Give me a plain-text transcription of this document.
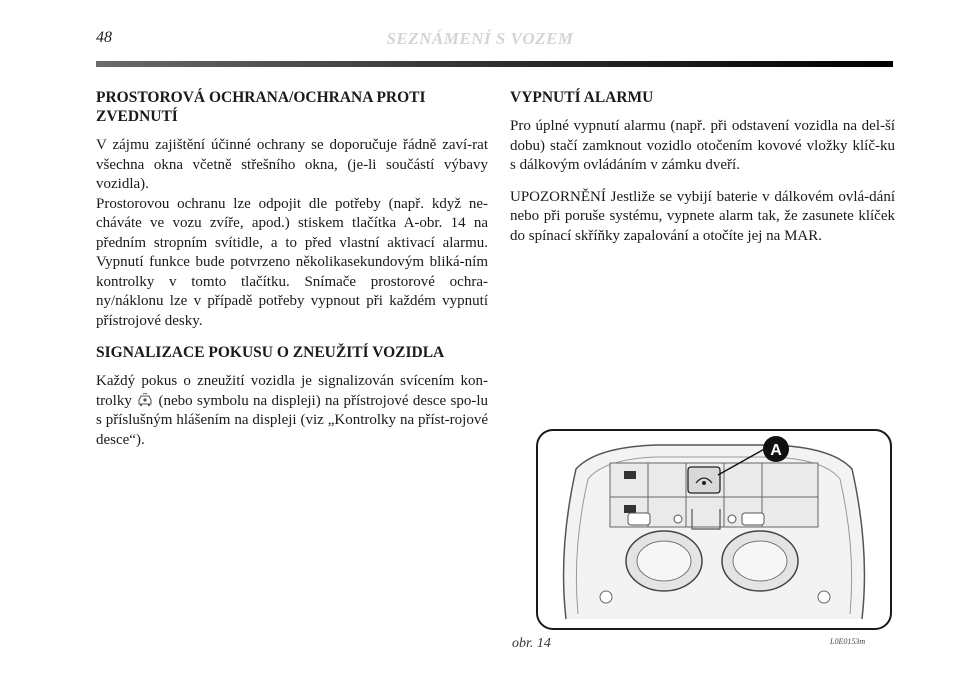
48	SEZNÁMENÍ S VOZEM
PROSTOROVÁ OCHRANA/OCHRANA PROTI ZVEDNUTÍ

V zájmu zajištění účinné ochrany se doporučuje řádně zaví-rat všechna okna včetně střešního okna, (je-li součástí výbavy vozidla).

Prostorovou ochranu lze odpojit dle potřeby (např. když ne-cháváte ve vozu zvíře, apod.) stiskem tlačítka A-obr. 14 na předním stropním svítidle, a to před vlastní aktivací alarmu. Vypnutí funkce bude potvrzeno několikasekundovým bliká-ním kontrolky v tomto tlačítku. Snímače prostorové ochra-ny/náklonu lze v případě potřeby vypnout při každém vypnutí přístrojové desky.

SIGNALIZACE POKUSU O ZNEUŽITÍ VOZIDLA

Každý pokus o zneužití vozidla je signalizován svícením kon-trolky (nebo symbolu na displeji) na přístrojové desce spo-lu s příslušným hlášením na displeji (viz „Kontrolky na příst-rojové desce“).

VYPNUTÍ ALARMU

Pro úplné vypnutí alarmu (např. při odstavení vozidla na del-ší dobu) stačí zamknout vozidlo otočením kovové vložky klíč-ku s dálkovým ovládáním v zámku dveří.

UPOZORNĚNÍ Jestliže se vybijí baterie v dálkovém ovlá-dání nebo při poruše systému, vypnete alarm tak, že zasunete klíček do spínací skříňky zapalování a otočíte jej na MAR.

A
obr. 14	L0E0153m
